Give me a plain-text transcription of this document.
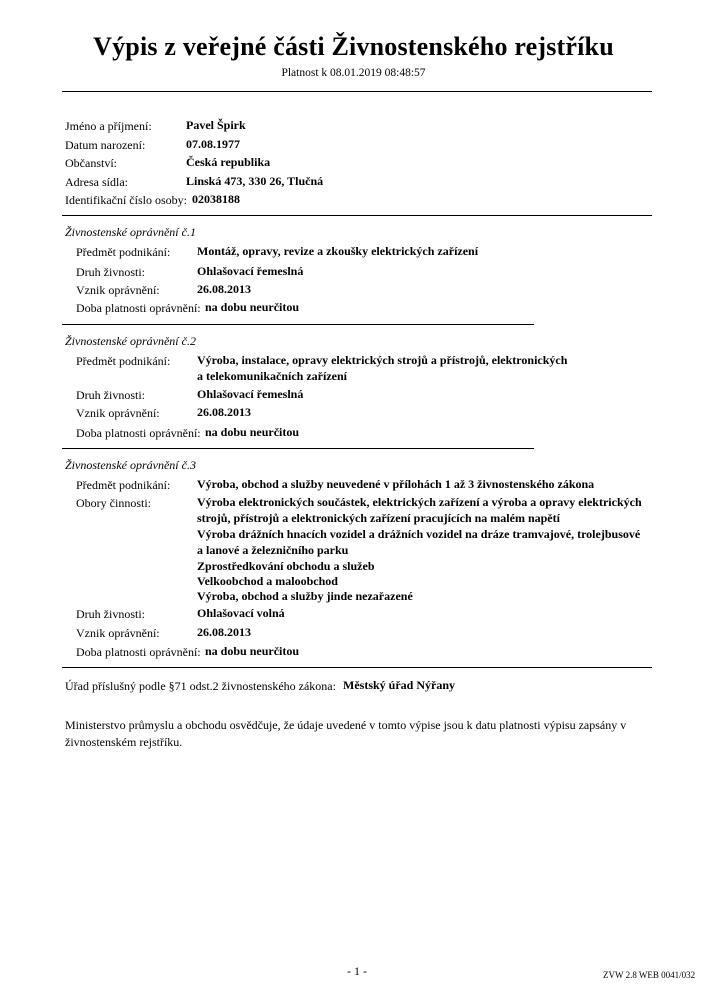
Výpis z veřejné části Živnostenského rejstříku
Platnost k 08.01.2019 08:48:57
Jméno a příjmení:	Pavel Špirk
Datum narození:	07.08.1977
Občanství:	Česká republika
Adresa sídla:	Linská 473, 330 26, Tlučná
Identifikační číslo osoby: 02038188
Živnostenské oprávnění č.1
Předmět podnikání: Montáž, opravy, revize a zkoušky elektrických zařízení
Druh živnosti:	Ohlašovací řemeslná
Vznik oprávnění:	26.08.2013
Doba platnosti oprávnění: na dobu neurčitou
Živnostenské oprávnění č.2
Předmět podnikání: Výroba, instalace, opravy elektrických strojů a přístrojů, elektronických
a telekomunikačních zařízení
Druh živnosti:	Ohlašovací řemeslná
Vznik oprávnění:	26.08.2013
Doba platnosti oprávnění: na dobu neurčitou
Živnostenské oprávnění č.3
Předmět podnikání: Výroba, obchod a služby neuvedené v přílohách 1 až 3 živnostenského zákona
Obory činnosti:	Výroba elektronických součástek, elektrických zařízení a výroba a opravy elektrických
strojů, přístrojů a elektronických zařízení pracujících na malém napětí
Výroba drážních hnacích vozidel a drážních vozidel na dráze tramvajové, trolejbusové
a lanové a železničního parku
Zprostředkování obchodu a služeb
Velkoobchod a maloobchod
Výroba, obchod a služby jinde nezařazené
Druh živnosti:	Ohlašovací volná
Vznik oprávnění:	26.08.2013
Doba platnosti oprávnění: na dobu neurčitou
Úřad příslušný podle §71 odst.2 živnostenského zákona: Městský úřad Nýřany
Ministerstvo průmyslu a obchodu osvědčuje, že údaje uvedené v tomto výpise jsou k datu platnosti výpisu zapsány v živnostenském rejstříku.
- 1 -	ZVW 2.8 WEB 0041/032
